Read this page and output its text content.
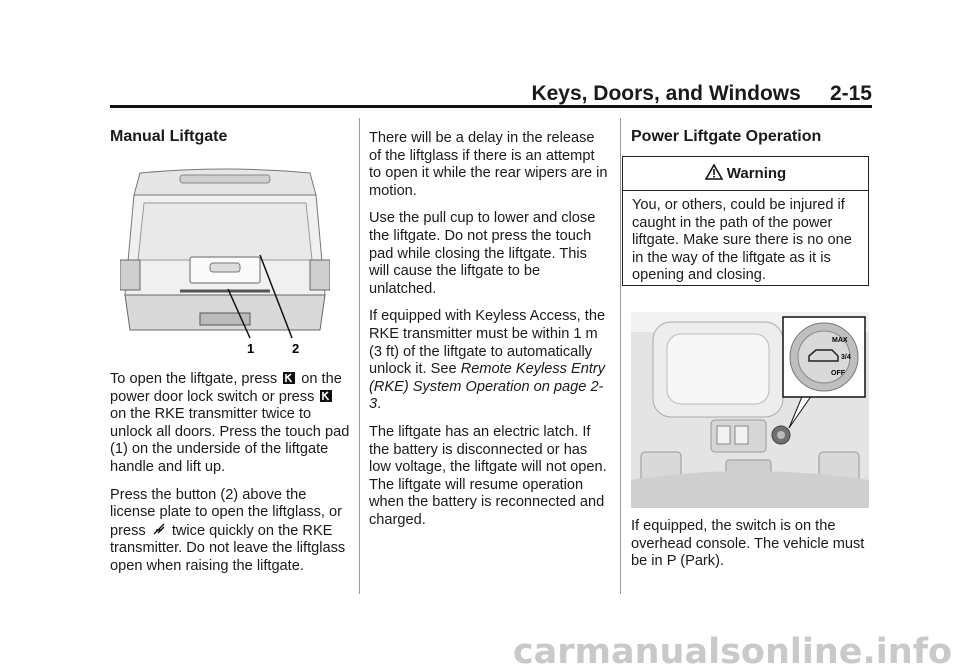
Keys, Doors, and Windows     2-15
Manual Liftgate
1	2

To open the liftgate, press on the power door lock switch or press  on the RKE transmitter twice to unlock all doors. Press the touch pad (1) on the underside of the liftgate handle and lift up.

Press the button (2) above the license plate to open the liftglass, or press twice quickly on the RKE transmitter. Do not leave the liftglass open when raising the liftgate.

There will be a delay in the release of the liftglass if there is an attempt to open it while the rear wipers are in motion.

Use the pull cup to lower and close the liftgate. Do not press the touch pad while closing the liftgate. This will cause the liftgate to be unlatched.

If equipped with Keyless Access, the RKE transmitter must be within 1 m (3 ft) of the liftgate to automatically unlock it. See Remote Keyless Entry (RKE) System Operation on page 2-3.

The liftgate has an electric latch. If the battery is disconnected or has low voltage, the liftgate will not open. The liftgate will resume operation when the battery is reconnected and charged.

Power Liftgate Operation
Warning
You, or others, could be injured if caught in the path of the power liftgate. Make sure there is no one in the way of the liftgate as it is opening and closing.
MAX
3/4
OFF

If equipped, the switch is on the overhead console. The vehicle must be in P (Park).

carmanualsonline.info
